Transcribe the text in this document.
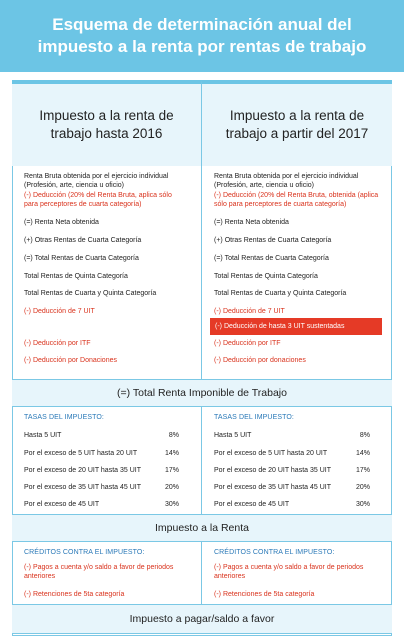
Esquema de determinación anual del
impuesto a la renta por rentas de trabajo
Impuesto a la renta de
trabajo hasta 2016
Impuesto a la renta de
trabajo a partir del 2017
Renta Bruta obtenida por el ejercicio individual
(Profesión, arte, ciencia u oficio)
(-) Deducción (20% del Renta Bruta, aplica sólo
para perceptores de cuarta categoría)
(=) Renta Neta obtenida
(+) Otras Rentas de Cuarta Categoría
(=) Total Rentas de Cuarta Categoría
Total Rentas de Quinta Categoría
Total Rentas de Cuarta y Quinta Categoría
(-) Deducción de 7 UIT
(-) Deducción por ITF
(-) Deducción por Donaciones
Renta Bruta obtenida por el ejercicio individual
(Profesión, arte, ciencia u oficio)
(-) Deducción (20% del Renta Bruta, obtenida (aplica
sólo para perceptores de cuarta categoría)
(=) Renta Neta obtenida
(+) Otras Rentas de Cuarta Categoría
(=) Total Rentas de Cuarta Categoría
Total Rentas de Quinta Categoría
Total Rentas de Cuarta y Quinta Categoría
(-) Deducción de 7 UIT
(-) Deducción de hasta 3 UIT sustentadas
(-) Deducción por ITF
(-) Deducción por donaciones
(=) Total Renta Imponible de Trabajo
TASAS DEL IMPUESTO:
Hasta 5 UIT	8%
Por el exceso de 5 UIT hasta 20 UIT	14%
Por el exceso de 20 UIT hasta 35 UIT	17%
Por el exceso de 35 UIT hasta 45 UIT	20%
Por el exceso de 45 UIT	30%
TASAS DEL IMPUESTO:
Hasta 5 UIT	8%
Por el exceso de 5 UIT hasta 20 UIT	14%
Por el exceso de 20 UIT hasta 35 UIT	17%
Por el exceso de 35 UIT hasta 45 UIT	20%
Por el exceso de 45 UIT	30%
Impuesto a la Renta
CRÉDITOS CONTRA EL IMPUESTO:
(-) Pagos a cuenta y/o saldo a favor de periodos
anteriores
(-) Retenciones de 5ta categoría
CRÉDITOS CONTRA EL IMPUESTO:
(-) Pagos a cuenta y/o saldo a favor de periodos
anteriores
(-) Retenciones de 5ta categoría
Impuesto a pagar/saldo a favor
